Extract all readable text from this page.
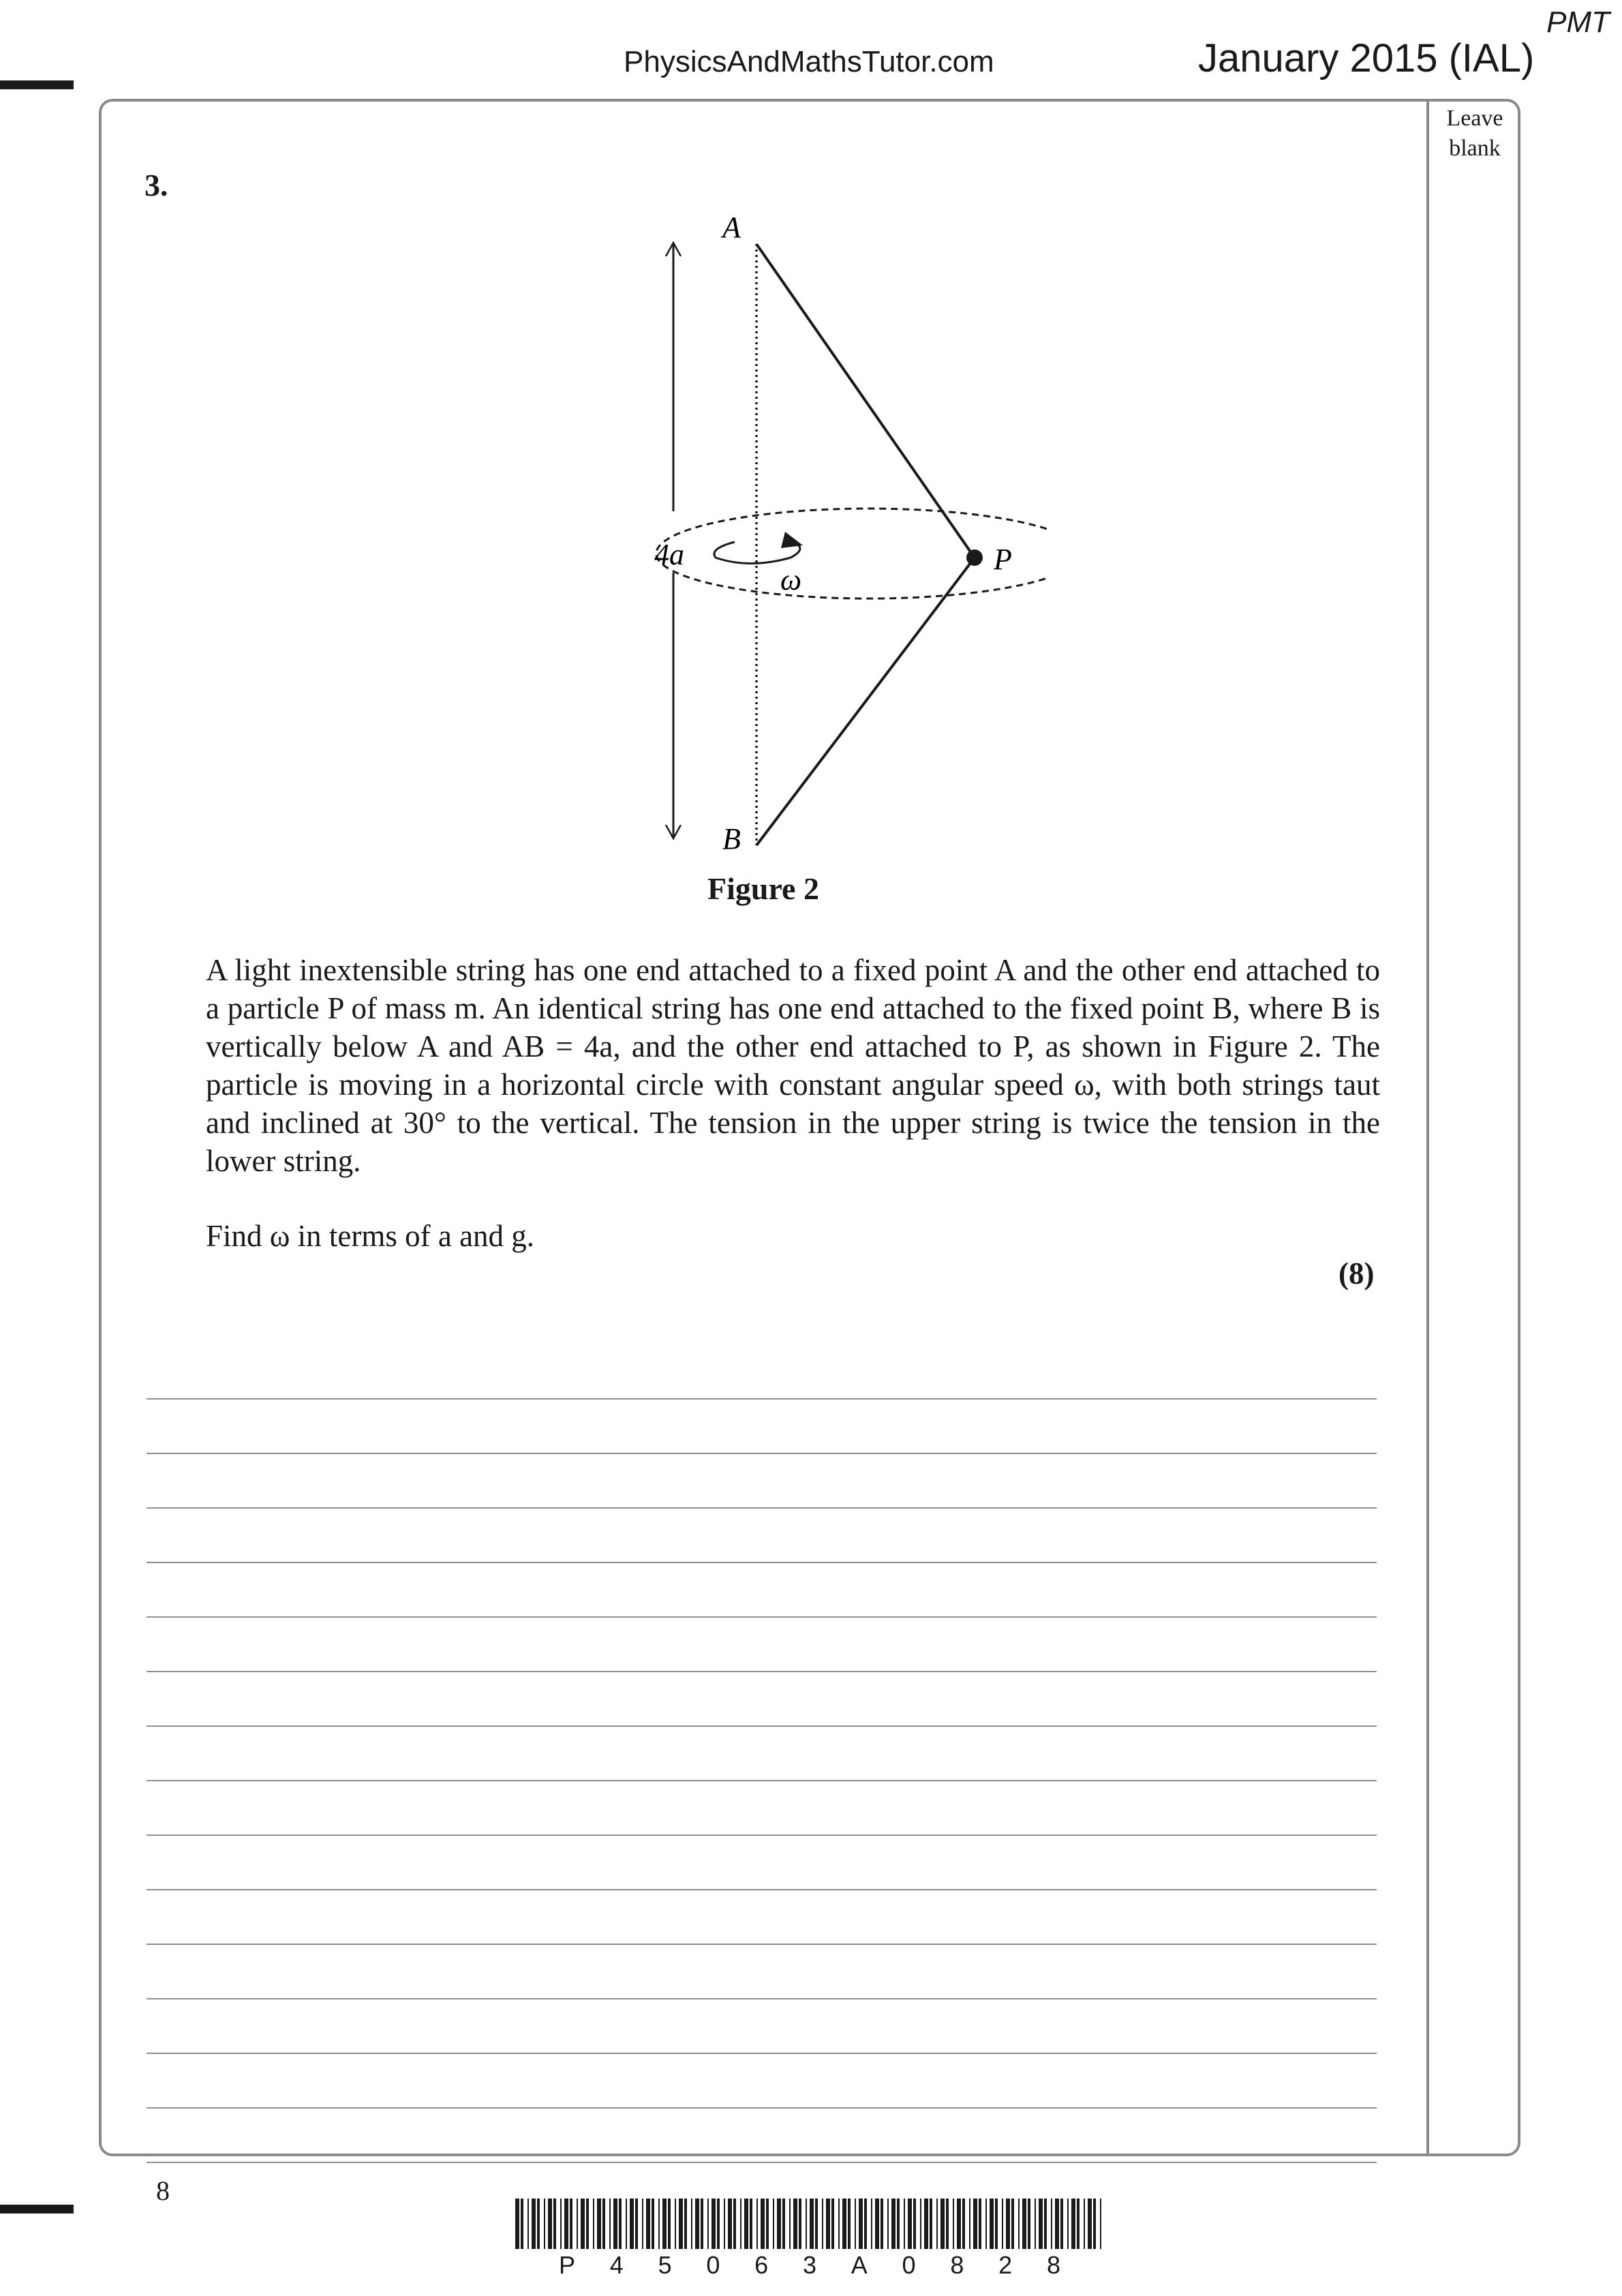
PMT
PhysicsAndMathsTutor.com	January 2015 (IAL)
Leave
blank
3.
A
B
P
4a
ω
Figure 2
A light inextensible string has one end attached to a fixed point A and the other end attached to a particle P of mass m. An identical string has one end attached to the fixed point B, where B is vertically below A and AB = 4a, and the other end attached to P, as shown in Figure 2. The particle is moving in a horizontal circle with constant angular speed ω, with both strings taut and inclined at 30° to the vertical. The tension in the upper string is twice the tension in the lower string.
Find ω in terms of a and g.
(8)
8
P 4 5 0 6 3 A 0 8 2 8
